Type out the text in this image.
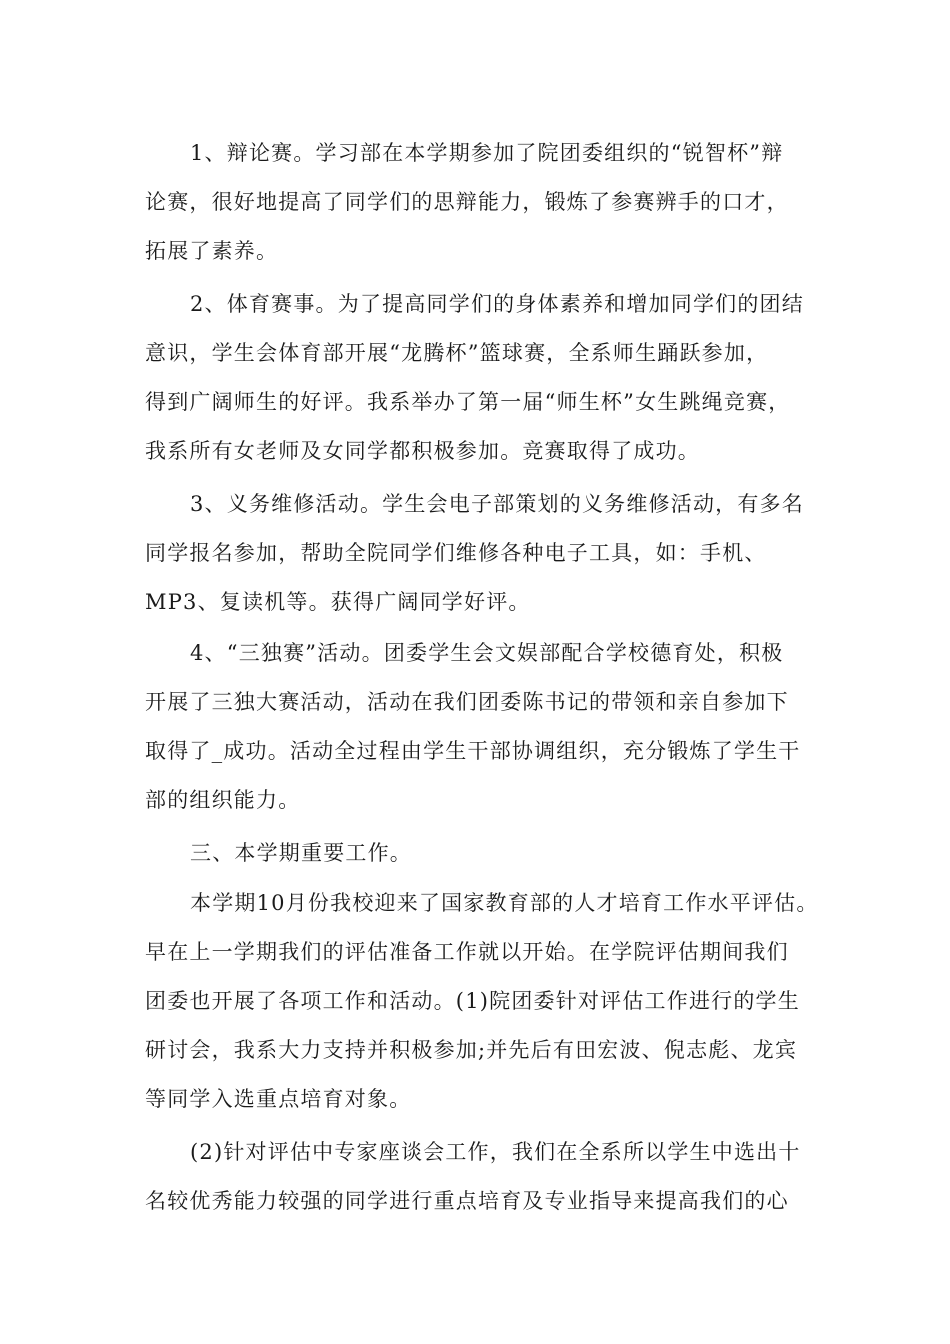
1、辩论赛。学习部在本学期参加了院团委组织的“锐智杯”辩
论赛，很好地提高了同学们的思辩能力，锻炼了参赛辨手的口才，
拓展了素养。
2、体育赛事。为了提高同学们的身体素养和增加同学们的团结
意识，学生会体育部开展“龙腾杯”篮球赛，全系师生踊跃参加，
得到广阔师生的好评。我系举办了第一届“师生杯”女生跳绳竞赛，
我系所有女老师及女同学都积极参加。竞赛取得了成功。
3、义务维修活动。学生会电子部策划的义务维修活动，有多名
同学报名参加，帮助全院同学们维修各种电子工具，如：手机、
MP3、复读机等。获得广阔同学好评。
4、“三独赛”活动。团委学生会文娱部配合学校德育处，积极
开展了三独大赛活动，活动在我们团委陈书记的带领和亲自参加下
取得了_成功。活动全过程由学生干部协调组织，充分锻炼了学生干
部的组织能力。
三、本学期重要工作。
本学期10月份我校迎来了国家教育部的人才培育工作水平评估。
早在上一学期我们的评估准备工作就以开始。在学院评估期间我们
团委也开展了各项工作和活动。(1)院团委针对评估工作进行的学生
研讨会，我系大力支持并积极参加;并先后有田宏波、倪志彪、龙宾
等同学入选重点培育对象。
(2)针对评估中专家座谈会工作，我们在全系所以学生中选出十
名较优秀能力较强的同学进行重点培育及专业指导来提高我们的心
